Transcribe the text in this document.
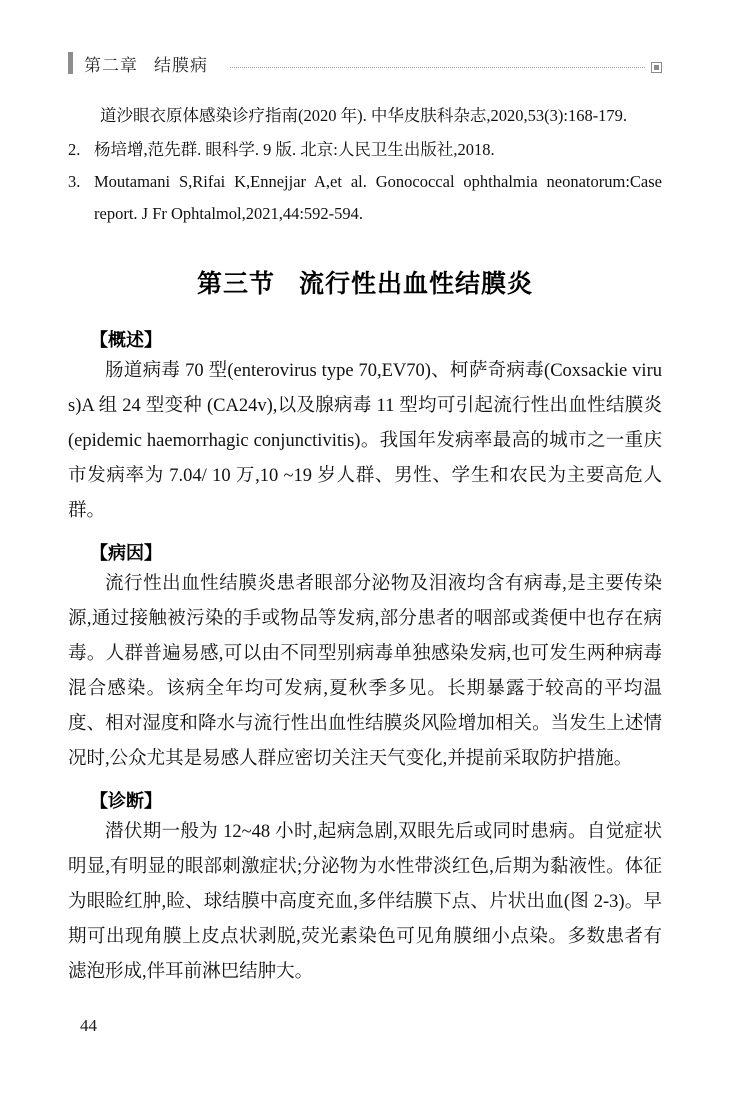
第二章 结膜病

道沙眼衣原体感染诊疗指南(2020 年). 中华皮肤科杂志,2020,53(3):168-179.

2. 杨培增,范先群. 眼科学. 9 版. 北京:人民卫生出版社,2018.
3. Moutamani S,Rifai K,Ennejjar A,et al. Gonococcal ophthalmia neonatorum:Case report. J Fr Ophtalmol,2021,44:592-594.
第三节 流行性出血性结膜炎
【概述】

肠道病毒 70 型(enterovirus type 70,EV70)、柯萨奇病毒(Coxsackie virus)A 组 24 型变种 (CA24v),以及腺病毒 11 型均可引起流行性出血性结膜炎 (epidemic haemorrhagic conjunctivitis)。我国年发病率最高的城市之一重庆市发病率为 7.04/ 10 万,10 ~19 岁人群、男性、学生和农民为主要高危人群。

【病因】

流行性出血性结膜炎患者眼部分泌物及泪液均含有病毒,是主要传染源,通过接触被污染的手或物品等发病,部分患者的咽部或粪便中也存在病毒。人群普遍易感,可以由不同型别病毒单独感染发病,也可发生两种病毒混合感染。该病全年均可发病,夏秋季多见。长期暴露于较高的平均温度、相对湿度和降水与流行性出血性结膜炎风险增加相关。当发生上述情况时,公众尤其是易感人群应密切关注天气变化,并提前采取防护措施。

【诊断】

潜伏期一般为 12~48 小时,起病急剧,双眼先后或同时患病。自觉症状明显,有明显的眼部刺激症状;分泌物为水性带淡红色,后期为黏液性。体征为眼睑红肿,睑、球结膜中高度充血,多伴结膜下点、片状出血(图 2-3)。早期可出现角膜上皮点状剥脱,荧光素染色可见角膜细小点染。多数患者有滤泡形成,伴耳前淋巴结肿大。

44
